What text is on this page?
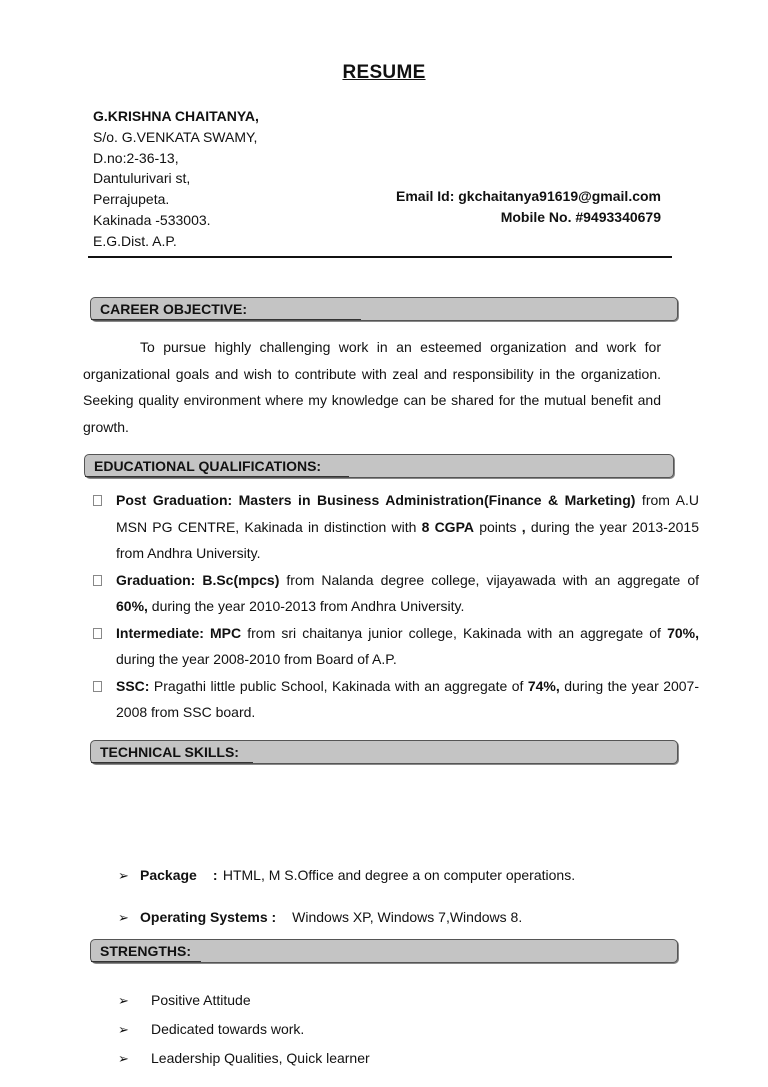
RESUME
G.KRISHNA CHAITANYA,
S/o. G.VENKATA SWAMY,
D.no:2-36-13,
Dantulurivari st,
Perrajupeta.
Kakinada -533003.
E.G.Dist. A.P.
Email Id: gkchaitanya91619@gmail.com
Mobile No. #9493340679
CAREER OBJECTIVE:
To pursue highly challenging work in an esteemed organization and work for organizational goals and wish to contribute with zeal and responsibility in the organization. Seeking quality environment where my knowledge can be shared for the mutual benefit and growth.
EDUCATIONAL QUALIFICATIONS:
Post Graduation: Masters in Business Administration(Finance & Marketing) from A.U MSN PG CENTRE, Kakinada in distinction with 8 CGPA points , during the year 2013-2015 from Andhra University.
Graduation: B.Sc(mpcs) from Nalanda degree college, vijayawada with an aggregate of 60%, during the year 2010-2013 from Andhra University.
Intermediate: MPC from sri chaitanya junior college, Kakinada with an aggregate of 70%, during the year 2008-2010 from Board of A.P.
SSC: Pragathi little public School, Kakinada with an aggregate of 74%, during the year 2007-2008 from SSC board.
TECHNICAL SKILLS:
➢ Package : HTML, M S.Office and degree a on computer operations.
➢ Operating Systems : Windows XP, Windows 7,Windows 8.
STRENGTHS:
➢ Positive Attitude
➢ Dedicated towards work.
➢ Leadership Qualities, Quick learner
